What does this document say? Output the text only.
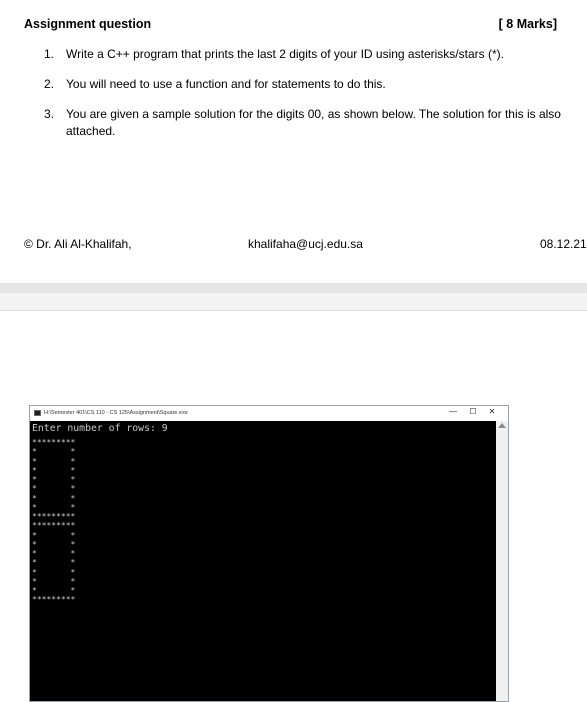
Assignment question	[ 8 Marks]
1. Write a C++ program that prints the last 2 digits of your ID using asterisks/stars (*).
2. You will need to use a function and for statements to do this.
3. You are given a sample solution for the digits 00, as shown below. The solution for this is also attached.
© Dr. Ali Al-Khalifah,	khalifaha@ucj.edu.sa	08.12.21
H:\Semester 401\CS 110 - CS 125\Assignment\Square.exe	—	☐	✕
Enter number of rows: 9
*********
*       *
*       *
*       *
*       *
*       *
*       *
*       *
*********
*********
*       *
*       *
*       *
*       *
*       *
*       *
*       *
*********
